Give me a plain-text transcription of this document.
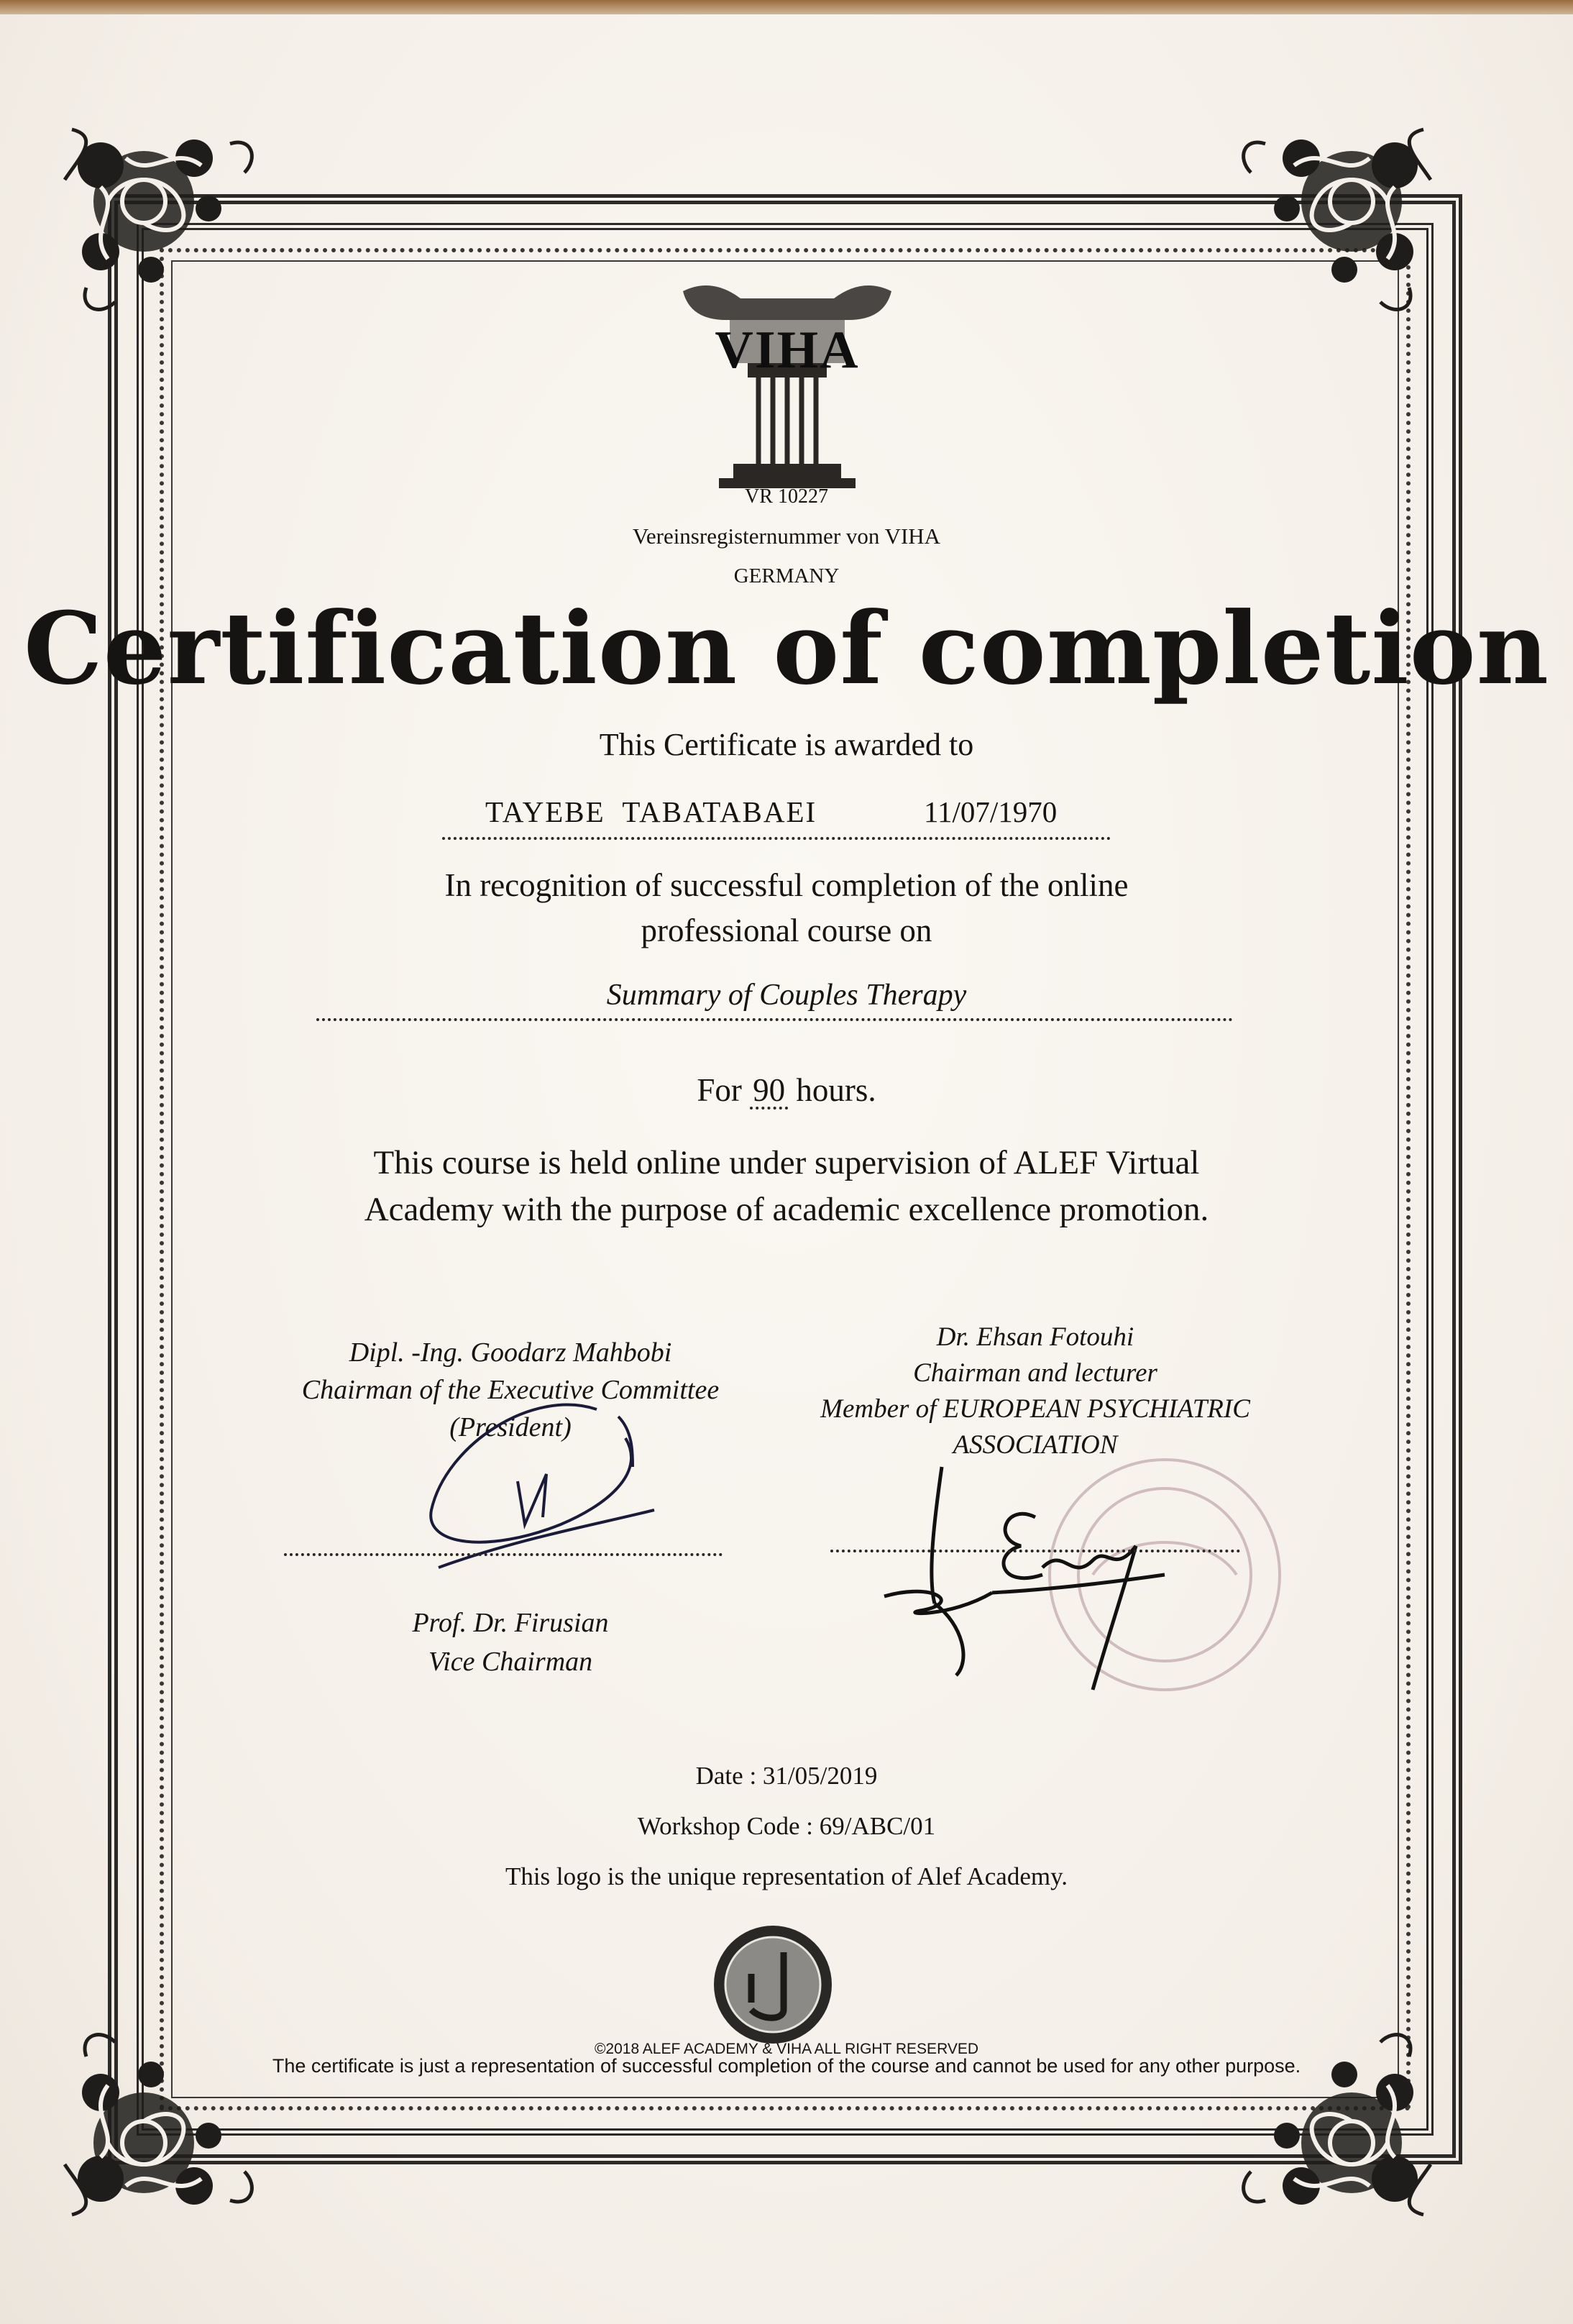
VIHA
VR 10227
Vereinsregisternummer von VIHA
GERMANY
Certification of completion
This Certificate is awarded to
TAYEBE  TABATABAEI	11/07/1970
In recognition of successful completion of the online
professional course on
Summary of Couples Therapy
For 90 hours.
This course is held online under supervision of ALEF Virtual
Academy with the purpose of academic excellence promotion.
Dipl. -Ing. Goodarz Mahbobi
Chairman of the Executive Committee
(President)
Dr. Ehsan Fotouhi
Chairman and lecturer
Member of EUROPEAN PSYCHIATRIC
ASSOCIATION
Prof. Dr. Firusian
Vice Chairman
Date : 31/05/2019
Workshop Code : 69/ABC/01
This logo is the unique representation of Alef Academy.
©2018 ALEF ACADEMY & VIHA ALL RIGHT RESERVED
The certificate is just a representation of successful completion of the course and cannot be used for any other purpose.
